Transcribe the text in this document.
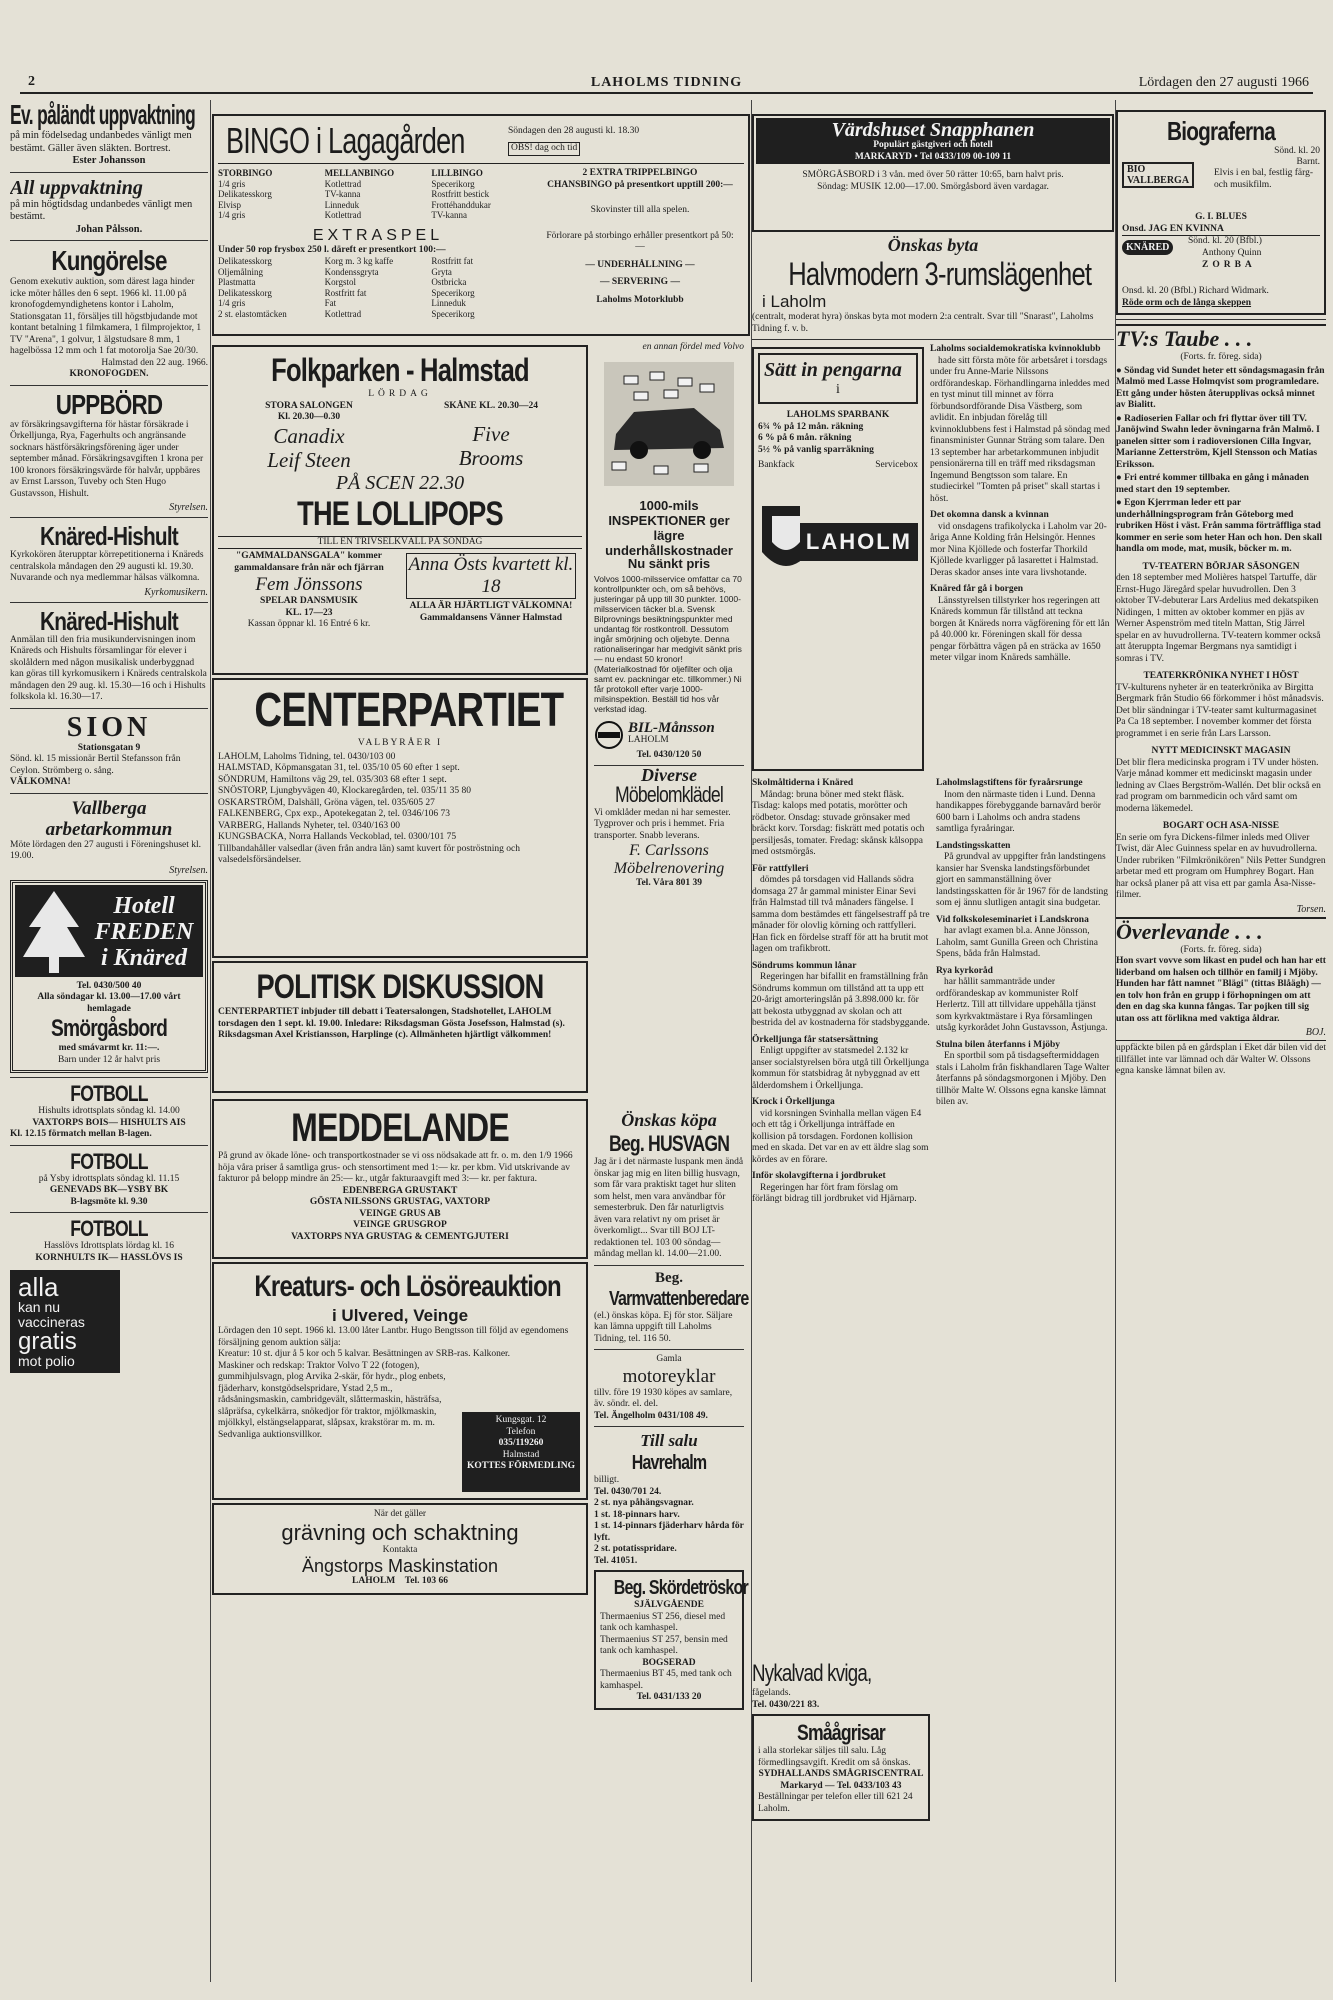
2	LAHOLMS TIDNING	Lördagen den 27 augusti 1966
Ev. påländt uppvaktning
på min födelsedag undanbedes vänligt men bestämt. Gäller även släkten. Bortrest.
Ester Johansson
All uppvaktning
på min högtidsdag undanbedes vänligt men bestämt.
Johan Pålsson.
Kungörelse
Genom exekutiv auktion, som därest laga hinder icke möter hålles den 6 sept. 1966 kl. 11.00 på kronofogdemyndighetens kontor i Laholm, Stationsgatan 11, försäljes till högstbjudande mot kontant betalning 1 filmkamera, 1 filmprojektor, 1 TV "Arena", 1 golvur, 1 älgstudsare 8 mm, 1 hagelbössa 12 mm och 1 fat motorolja Sae 20/30.
Halmstad den 22 aug. 1966.
KRONOFOGDEN.
UPPBÖRD
av försäkringsavgifterna för hästar försäkrade i Örkelljunga, Rya, Fagerhults och angränsande socknars hästförsäkringsförening äger under september månad. Försäkringsavgiften 1 krona per 100 kronors försäkringsvärde för halvår, uppbäres av Ernst Larsson, Tuveby och Sten Hugo Gustavsson, Hishult.
Styrelsen.
Knäred-Hishult
Kyrkokören återupptar körrepetitionerna i Knäreds centralskola måndagen den 29 augusti kl. 19.30. Nuvarande och nya medlemmar hälsas välkomna.
Kyrkomusikern.
Knäred-Hishult
Anmälan till den fria musikundervisningen inom Knäreds och Hishults församlingar för elever i skolåldern med någon musikalisk underbyggnad kan göras till kyrkomusikern i Knäreds centralskola måndagen den 29 aug. kl. 15.30—16 och i Hishults folkskola kl. 16.30—17.
SION
Stationsgatan 9
Sönd. kl. 15 missionär Bertil Stefansson från Ceylon. Strömberg o. sång.
VÄLKOMNA!
Vallberga arbetarkommun
Möte lördagen den 27 augusti i Föreningshuset kl. 19.00.
Styrelsen.
Hotell FREDEN i Knäred
Tel. 0430/500 40
Alla söndagar kl. 13.00—17.00 vårt hemlagade
Smörgåsbord
med smávarmt kr. 11:—.
Barn under 12 år halvt pris
FOTBOLL
Hishults idrottsplats söndag kl. 14.00
VAXTORPS BOIS— HISHULTS AIS
Kl. 12.15 förmatch mellan B-lagen.
FOTBOLL
på Ysby idrottsplats söndag kl. 11.15
GENEVADS BK—YSBY BK
B-lagsmöte kl. 9.30
FOTBOLL
Hasslövs Idrottsplats lördag kl. 16
KORNHULTS IK— HASSLÖVS IS
alla
kan nu
vaccineras
gratis
mot polio
BINGO i Lagagården	Söndagen den 28 augusti kl. 18.30
OBS! dag och tid
STORBINGO	MELLANBINGO	LILLBINGO
1/4 gris	Kotlettrad	Specerikorg
Delikatesskorg	TV-kanna	Rostfritt bestick
Elvisp	Linneduk	Frottéhanddukar
1/4 gris	Kotlettrad	TV-kanna
EXTRASPEL
Under 50 rop frysbox 250 l. däreft er presentkort 100:—
Delikatesskorg	Korg m. 3 kg kaffe	Rostfritt fat
Oljemålning	Kondenssgryta	Gryta
Plastmatta	Korgstol	Ostbricka
Delikatesskorg	Rostfritt fat	Specerikorg
1/4 gris	Fat	Linneduk
2 st. elastomtäcken	Kotlettrad	Specerikorg
2 EXTRA TRIPPELBINGO
CHANSBINGO på presentkort upptill 200:—
Skovinster till alla spelen.
Förlorare på storbingo erhåller presentkort på 50:—
— UNDERHÅLLNING —
— SERVERING —
Laholms Motorklubb
Folkparken - Halmstad
LÖRDAG
STORA SALONGEN
Kl. 20.30—0.30
Canadix
Leif Steen
SKÅNE KL. 20.30—24
Five
Brooms
PÅ SCEN 22.30
THE LOLLIPOPS
TILL EN TRIVSELKVÄLL PÅ SÖNDAG
"GAMMALDANSGALA" kommer gammaldansare från när och fjärran
Fem Jönssons
SPELAR DANSMUSIK
KL. 17—23
Kassan öppnar kl. 16 Entré 6 kr.
Anna Östs kvartett kl. 18
ALLA ÄR HJÄRTLIGT VÄLKOMNA!
Gammaldansens Vänner Halmstad
CENTERPARTIET
VALBYRÅER I
LAHOLM, Laholms Tidning, tel. 0430/103 00
HALMSTAD, Köpmansgatan 31, tel. 035/10 05 60 efter 1 sept.
SÖNDRUM, Hamiltons väg 29, tel. 035/303 68 efter 1 sept.
SNÖSTORP, Ljungbyvägen 40, Klockaregården, tel. 035/11 35 80
OSKARSTRÖM, Dalshäll, Gröna vägen, tel. 035/605 27
FALKENBERG, Cpx exp., Apotekegatan 2, tel. 0346/106 73
VARBERG, Hallands Nyheter, tel. 0340/163 00
KUNGSBACKA, Norra Hallands Veckoblad, tel. 0300/101 75
Tillbandahåller valsedlar (även från andra län) samt kuvert för poströstning och valsedelsförsändelser.
POLITISK DISKUSSION
CENTERPARTIET inbjuder till debatt i Teatersalongen, Stadshotellet, LAHOLM torsdagen den 1 sept. kl. 19.00. Inledare: Riksdagsman Gösta Josefsson, Halmstad (s). Riksdagsman Axel Kristiansson, Harplinge (c). Allmänheten hjärtligt välkommen!
en annan fördel med Volvo
1000-mils INSPEKTIONER ger lägre underhållskostnader
Nu sänkt pris
Volvos 1000-milsservice omfattar ca 70 kontrollpunkter och, om så behövs, justeringar på upp till 30 punkter. 1000-milsservicen täcker bl.a. Svensk Bilprovnings besiktningspunkter med undantag för rostkontroll. Dessutom ingår smörjning och oljebyte. Denna rationaliseringar har medgivit sänkt pris — nu endast 50 kronor! (Materialkostnad för oljefilter och olja samt ev. packningar etc. tillkommer.) Ni får protokoll efter varje 1000-milsinspektion. Beställ tid hos vår verkstad idag.
BIL-Månsson
LAHOLM
Tel. 0430/120 50
Diverse
Möbelomklädel
Vi omklåder medan ni har semester. Tygprover och pris i hemmet. Fria transporter. Snabb leverans.
F. Carlssons Möbelrenovering
Tel. Våra 801 39
MEDDELANDE
På grund av ökade löne- och transportkostnader se vi oss nödsakade att fr. o. m. den 1/9 1966 höja våra priser å samtliga grus- och stensortiment med 1:— kr. per kbm. Vid utskrivande av fakturor på belopp mindre än 25:— kr., utgår fakturaavgift med 3:— kr. per faktura.
EDENBERGA GRUSTAKT
GÖSTA NILSSONS GRUSTAG, VAXTORP
VEINGE GRUS AB
VEINGE GRUSGROP
VAXTORPS NYA GRUSTAG & CEMENTGJUTERI
Kreaturs- och Lösöreauktion
i Ulvered, Veinge
Lördagen den 10 sept. 1966 kl. 13.00 låter Lantbr. Hugo Bengtsson till följd av egendomens försäljning genom auktion sälja:
Kreatur: 10 st. djur å 5 kor och 5 kalvar. Besättningen av SRB-ras. Kalkoner.
Maskiner och redskap: Traktor Volvo T 22 (fotogen), gummihjulsvagn, plog Arvika 2-skär, för hydr., plog enbets, fjäderharv, konstgödselspridare, Ystad 2,5 m., rådsåningsmaskin, cambridgevält, slåttermaskin, hästräfsa, slåpräfsa, cykelkärra, snökedjor för traktor, mjölkmaskin, mjölkkyl, elstängselapparat, slåpsax, krakstörar m. m. m.
Sedvanliga auktionsvillkor.
Kungsgat. 12
Telefon
035/119260
Halmstad
KOTTES FÖRMEDLING
När det gäller
grävning och schaktning
Kontakta
Ängstorps Maskinstation
LAHOLM Tel. 103 66
Önskas köpa
Beg. HUSVAGN
Jag är i det närmaste luspank men ändå önskar jag mig en liten billig husvagn, som får vara praktiskt taget hur sliten som helst, men vara användbar för semesterbruk. Den får naturligtvis även vara relativt ny om priset är överkomligt... Svar till BOJ LT-redaktionen tel. 103 00 söndag—måndag mellan kl. 14.00—21.00.
Beg.
Varmvattenberedare
(el.) önskas köpa. Ej för stor. Säljare kan lämna uppgift till Laholms Tidning, tel. 116 50.
Gamla
motoreyklar
tillv. före 19 1930 köpes av samlare, äv. söndr. el. del.
Tel. Ängelholm 0431/108 49.
Till salu
Havrehalm
billigt.
Tel. 0430/701 24.
2 st. nya påhängsvagnar.
1 st. 18-pinnars harv.
1 st. 14-pinnars fjäderharv hårda för lyft.
2 st. potatisspridare.
Tel. 41051.
Beg. Skördetröskor
SJÄLVGÅENDE
Thermaenius ST 256, diesel med tank och kamhaspel.
Thermaenius ST 257, bensin med tank och kamhaspel.
BOGSERAD
Thermaenius BT 45, med tank och kamhaspel.
Tel. 0431/133 20
Värdshuset Snapphanen
Populärt gästgiveri och hotell
MARKARYD • Tel 0433/109 00-109 11
SMÖRGÅSBORD i 3 vån. med över 50 rätter 10:65, barn halvt pris.
Söndag: MUSIK 12.00—17.00. Smörgåsbord även vardagar.
Önskas byta
Halvmodern 3-rumslägenhet
i Laholm
(centralt, moderat hyra) önskas byta mot modern 2:a centralt. Svar till "Snarast", Laholms Tidning f. v. b.
Sätt in pengarna
i
LAHOLMS SPARBANK
6¾ % på 12 mån. räkning
6 % på 6 mån. räkning
5½ % på vanlig sparräkning
Bankfack	Servicebox
LAHOLM
Laholms socialdemokratiska kvinnoklubb
hade sitt första möte för arbetsåret i torsdags under fru Anne-Marie Nilssons ordförandeskap. Förhandlingarna inleddes med en tyst minut till minnet av förra förbundsordförande Disa Västberg, som avlidit. En inbjudan förelåg till kvinnoklubbens fest i Halmstad på söndag med finansminister Gunnar Sträng som talare. Den 13 september har arbetarkommunen inbjudit pensionärerna till en träff med riksdagsman Ingemund Bengtsson som talare. En studiecirkel "Tomten på priset" skall startas i höst.
Det okomna dansk a kvinnan
vid onsdagens trafikolycka i Laholm var 20-åriga Anne Kolding från Helsingör. Hennes mor Nina Kjöllede och fosterfar Thorkild Kjöllede kvarligger på lasarettet i Halmstad. Deras skador anses inte vara livshotande.
Knäred får gå i borgen
Länsstyrelsen tillstyrker hos regeringen att Knäreds kommun får tillstånd att teckna borgen åt Knäreds norra vägförening för ett lån på 40.000 kr. Föreningen skall för dessa pengar förbättra vägen på en sträcka av 1650 meter vilgar inom Knäreds samhälle.
Skolmåltiderna i Knäred
Måndag: bruna böner med stekt fläsk. Tisdag: kalops med potatis, morötter och rödbetor. Onsdag: stuvade grönsaker med bräckt korv. Torsdag: fiskrätt med potatis och persiljesås, tomater. Fredag: skånsk kålsoppa med ostsmörgås.
För rattfylleri
dömdes på torsdagen vid Hallands södra domsaga 27 år gammal minister Einar Sevi från Halmstad till två månaders fängelse. I samma dom bestämdes ett fängelsestraff på tre månader för olovlig körning och rattfylleri. Han fick en fördelse straff för att ha brutit mot lagen om trafikbrott.
Söndrums kommun lånar
Regeringen har bifallit en framställning från Söndrums kommun om tillstånd att ta upp ett 20-årigt amorteringslån på 3.898.000 kr. för att bekosta utbyggnad av skolan och att bestrida del av kostnaderna för stadsbyggande.
Örkelljunga får statsersättning
Enligt uppgifter av statsmedel 2.132 kr anser socialstyrelsen böra utgå till Örkelljunga kommun för statsbidrag åt nybyggnad av ett ålderdomshem i Örkelljunga.
Krock i Örkelljunga
vid korsningen Svinhalla mellan vägen E4 och ett tåg i Örkelljunga inträffade en kollision på torsdagen. Fordonen kollision med en skada. Det var en av ett äldre slag som kördes av en förare.
Inför skolavgifterna i jordbruket
Regeringen har fört fram förslag om förlängt bidrag till jordbruket vid Hjärnarp.
Laholmslagstiftens för fyraårsrunge
Inom den närmaste tiden i Lund. Denna handikappes förebyggande barnavård berör 600 barn i Laholms och andra stadens samtliga fyraåringar.
Landstingsskatten
På grundval av uppgifter från landstingens kansier har Svenska landstingsförbundet gjort en sammanställning över landstingsskatten för år 1967 för de landsting som ej ännu slutligen antagit sina budgetar.
Vid folkskoleseminariet i Landskrona
har avlagt examen bl.a. Anne Jönsson, Laholm, samt Gunilla Green och Christina Spens, båda från Halmstad.
Rya kyrkoråd
har hållit sammanträde under ordförandeskap av kommunister Rolf Herlertz. Till att tillvidare uppehålla tjänst som kyrkvaktmästare i Rya församlingen utsåg kyrkorådet John Gustavsson, Åstjunga.
Stulna bilen återfanns i Mjöby
En sportbil som på tisdagseftermiddagen stals i Laholm från fiskhandlaren Tage Walter återfanns på söndagsmorgonen i Mjöby. Den tillhör Malte W. Olssons egna kanske lämnat bilen av.
Nykalvad kviga,
fågelands.
Tel. 0430/221 83.
Småågrisar
i allа storlekar säljes till salu. Låg förmedlingsavgift. Kredit om så önskas.
SYDHALLANDS SMÅGRISCENTRAL
Markaryd — Tel. 0433/103 43
Beställningar per telefon eller till 621 24 Laholm.
Biograferna
BIO
VALLBERGA
Sönd. kl. 20
Barnt.
Elvis i en bal, festlig färg- och musikfilm.
G. I. BLUES
Onsd. JAG EN KVINNA
KNÄRED
Sönd. kl. 20 (Bfbl.)
Anthony Quinn
ZORBA
Onsd. kl. 20 (Bfbl.) Richard Widmark.
Röde orm och de långa skeppen
TV:s Taube . . .
(Forts. fr. föreg. sida)
● Söndag vid Sundet heter ett söndagsmagasin från Malmö med Lasse Holmqvist som programledare. Ett gång under hösten återupplivas också minnet av Bialitt.
● Radioserien Fallar och fri flyttar över till TV. Janöjwind Swahn leder övningarna från Malmö. I panelen sitter som i radioversionen Cilla Ingvar, Marianne Zetterström, Kjell Stensson och Matias Eriksson.
● Fri entré kommer tillbaka en gång i månaden med start den 19 september.
● Egon Kjerrman leder ett par underhållningsprogram från Göteborg med rubriken Höst i väst. Från samma förträffliga stad kommer en serie som heter Han och hon. Den skall handla om mode, mat, musik, böcker m. m.
TV-TEATERN BÖRJAR SÄSONGEN
den 18 september med Molières hatspel Tartuffe, där Ernst-Hugo Järegård spelar huvudrollen. Den 3 oktober TV-debuterar Lars Ardelius med dekatspiken Nidingen, 1 mitten av oktober kommer en pjäs av Werner Aspenström med titeln Mattan, Stig Järrel spelar en av huvudrollerna. TV-teatern kommer också att återuppta Ingemar Bergmans nya samtidigt i somras i TV.
TEATERKRÖNIKA NYHET I HÖST
TV-kulturens nyheter är en teaterkrönika av Birgitta Bergmark från Studio 66 förkommer i höst månadsvis. Det blir sändningar i TV-teater samt kulturmagasinet Pa Ca 18 september. I november kommer det första programmet i en serie från Lars Larsson.
NYTT MEDICINSKT MAGASIN
Det blir flera medicinska program i TV under hösten. Varje månad kommer ett medicinskt magasin under ledning av Claes Bergström-Wallén. Det blir också en rad program om barnmedicin och vård samt om moderna läkemedel.
BOGART OCH ASA-NISSE
En serie om fyra Dickens-filmer inleds med Oliver Twist, där Alec Guinness spelar en av huvudrollerna. Under rubriken "Filmkrönikören" Nils Petter Sundgren arbetar med ett program om Humphrey Bogart. Han har också planer på att visa ett par gamla Åsa-Nisse-filmer.
Torsen.
Överlevande . . .
(Forts. fr. föreg. sida)
Hon svart vovve som likast en pudel och han har ett liderband om halsen och tillhör en familj i Mjöby. Hunden har fått namnet "Blägi" (tittas Blåägh) — en tolv hon från en grupp i förhopningen om att den en dag ska kunna fångas. Tar pojken till sig utan oss att förlikna med vaktiga åldrar.
BOJ.
uppfäckte bilen på en gårdsplan i Eket där bilen vid det tillfället inte var lämnad och där Walter W. Olssons egna kanske lämnat bilen av.
